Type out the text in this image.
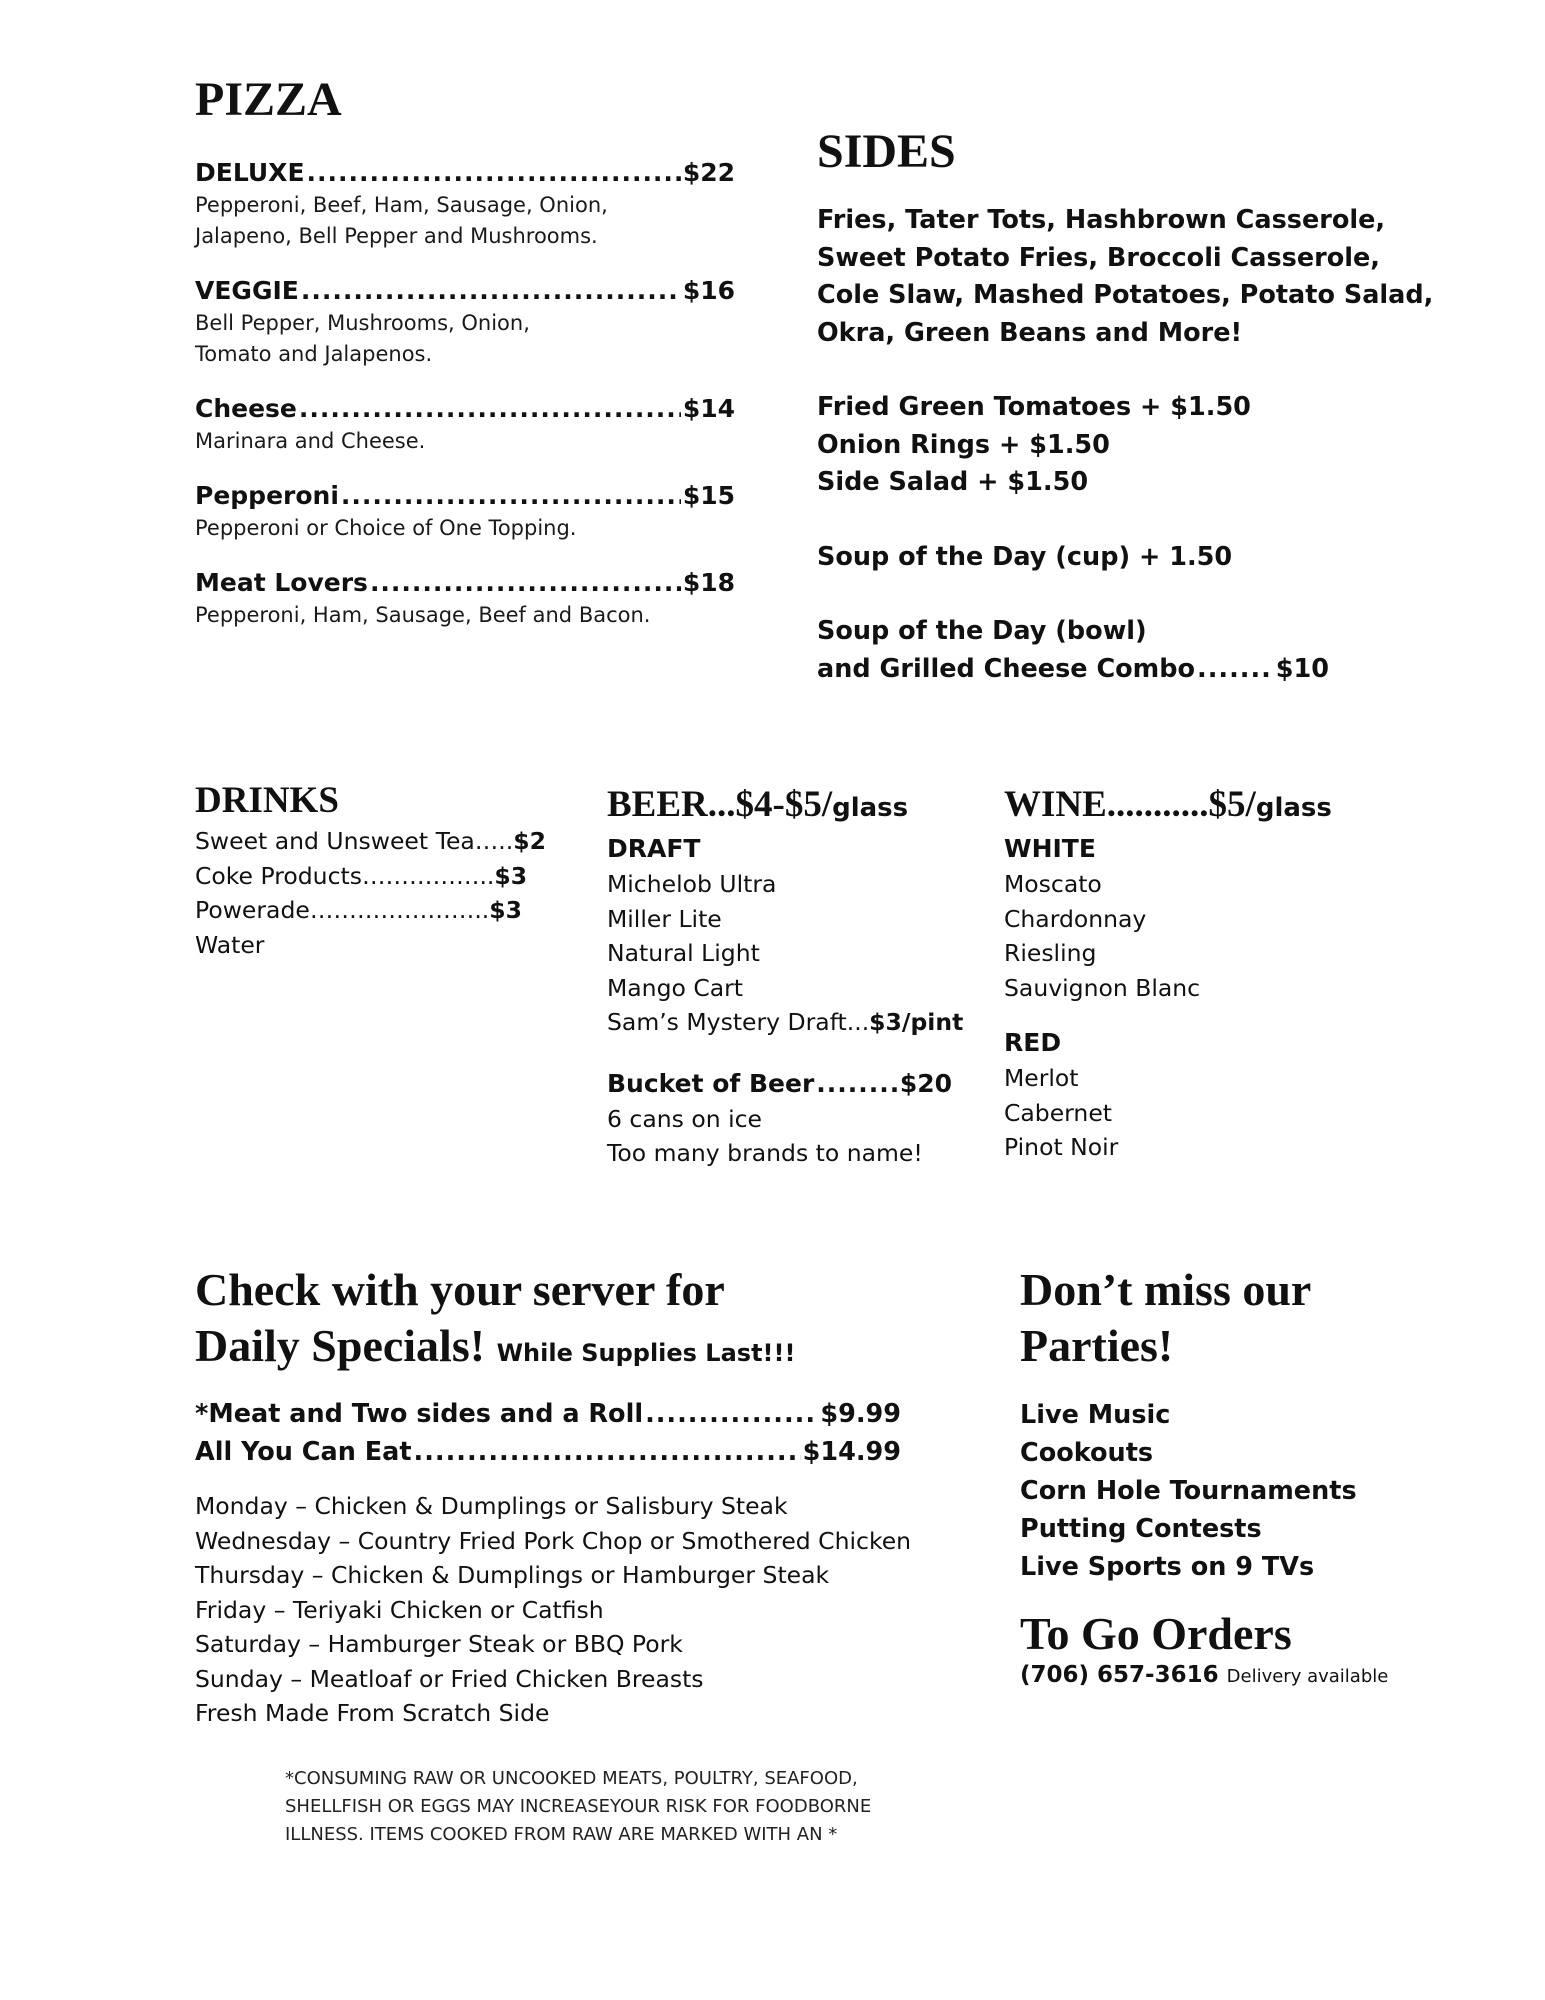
PIZZA
DELUXE .....	$22
Pepperoni, Beef, Ham, Sausage, Onion,
Jalapeno, Bell Pepper and Mushrooms.
VEGGIE .....	$16
Bell Pepper, Mushrooms, Onion,
Tomato and Jalapenos.
Cheese .....	$14
Marinara and Cheese.
Pepperoni .....	$15
Pepperoni or Choice of One Topping.
Meat Lovers .....	$18
Pepperoni, Ham, Sausage, Beef and Bacon.
SIDES
Fries, Tater Tots, Hashbrown Casserole,
Sweet Potato Fries, Broccoli Casserole,
Cole Slaw, Mashed Potatoes, Potato Salad,
Okra, Green Beans and More!
Fried Green Tomatoes + $1.50
Onion Rings + $1.50
Side Salad + $1.50
Soup of the Day (cup) + 1.50
Soup of the Day (bowl)
and Grilled Cheese Combo .....	$10
DRINKS
Sweet and Unsweet Tea…..$2
Coke Products……………..$3
Powerade…………………..$3
Water
BEER...$4-$5/glass
DRAFT
Michelob Ultra
Miller Lite
Natural Light
Mango Cart
Sam’s Mystery Draft...$3/pint
Bucket of Beer .....	$20
6 cans on ice
Too many brands to name!
WINE...........$5/glass
WHITE
Moscato
Chardonnay
Riesling
Sauvignon Blanc
RED
Merlot
Cabernet
Pinot Noir
Check with your server for
Daily Specials! While Supplies Last!!!
*Meat and Two sides and a Roll .....	$9.99
All You Can Eat .....	$14.99
Monday – Chicken & Dumplings or Salisbury Steak
Wednesday – Country Fried Pork Chop or Smothered Chicken
Thursday – Chicken & Dumplings or Hamburger Steak
Friday – Teriyaki Chicken or Catfish
Saturday – Hamburger Steak or BBQ Pork
Sunday – Meatloaf or Fried Chicken Breasts
Fresh Made From Scratch Side
Don’t miss our
Parties!
Live Music
Cookouts
Corn Hole Tournaments
Putting Contests
Live Sports on 9 TVs
To Go Orders
(706) 657-3616 Delivery available
*CONSUMING RAW OR UNCOOKED MEATS, POULTRY, SEAFOOD,
SHELLFISH OR EGGS MAY INCREASEYOUR RISK FOR FOODBORNE
ILLNESS. ITEMS COOKED FROM RAW ARE MARKED WITH AN *
